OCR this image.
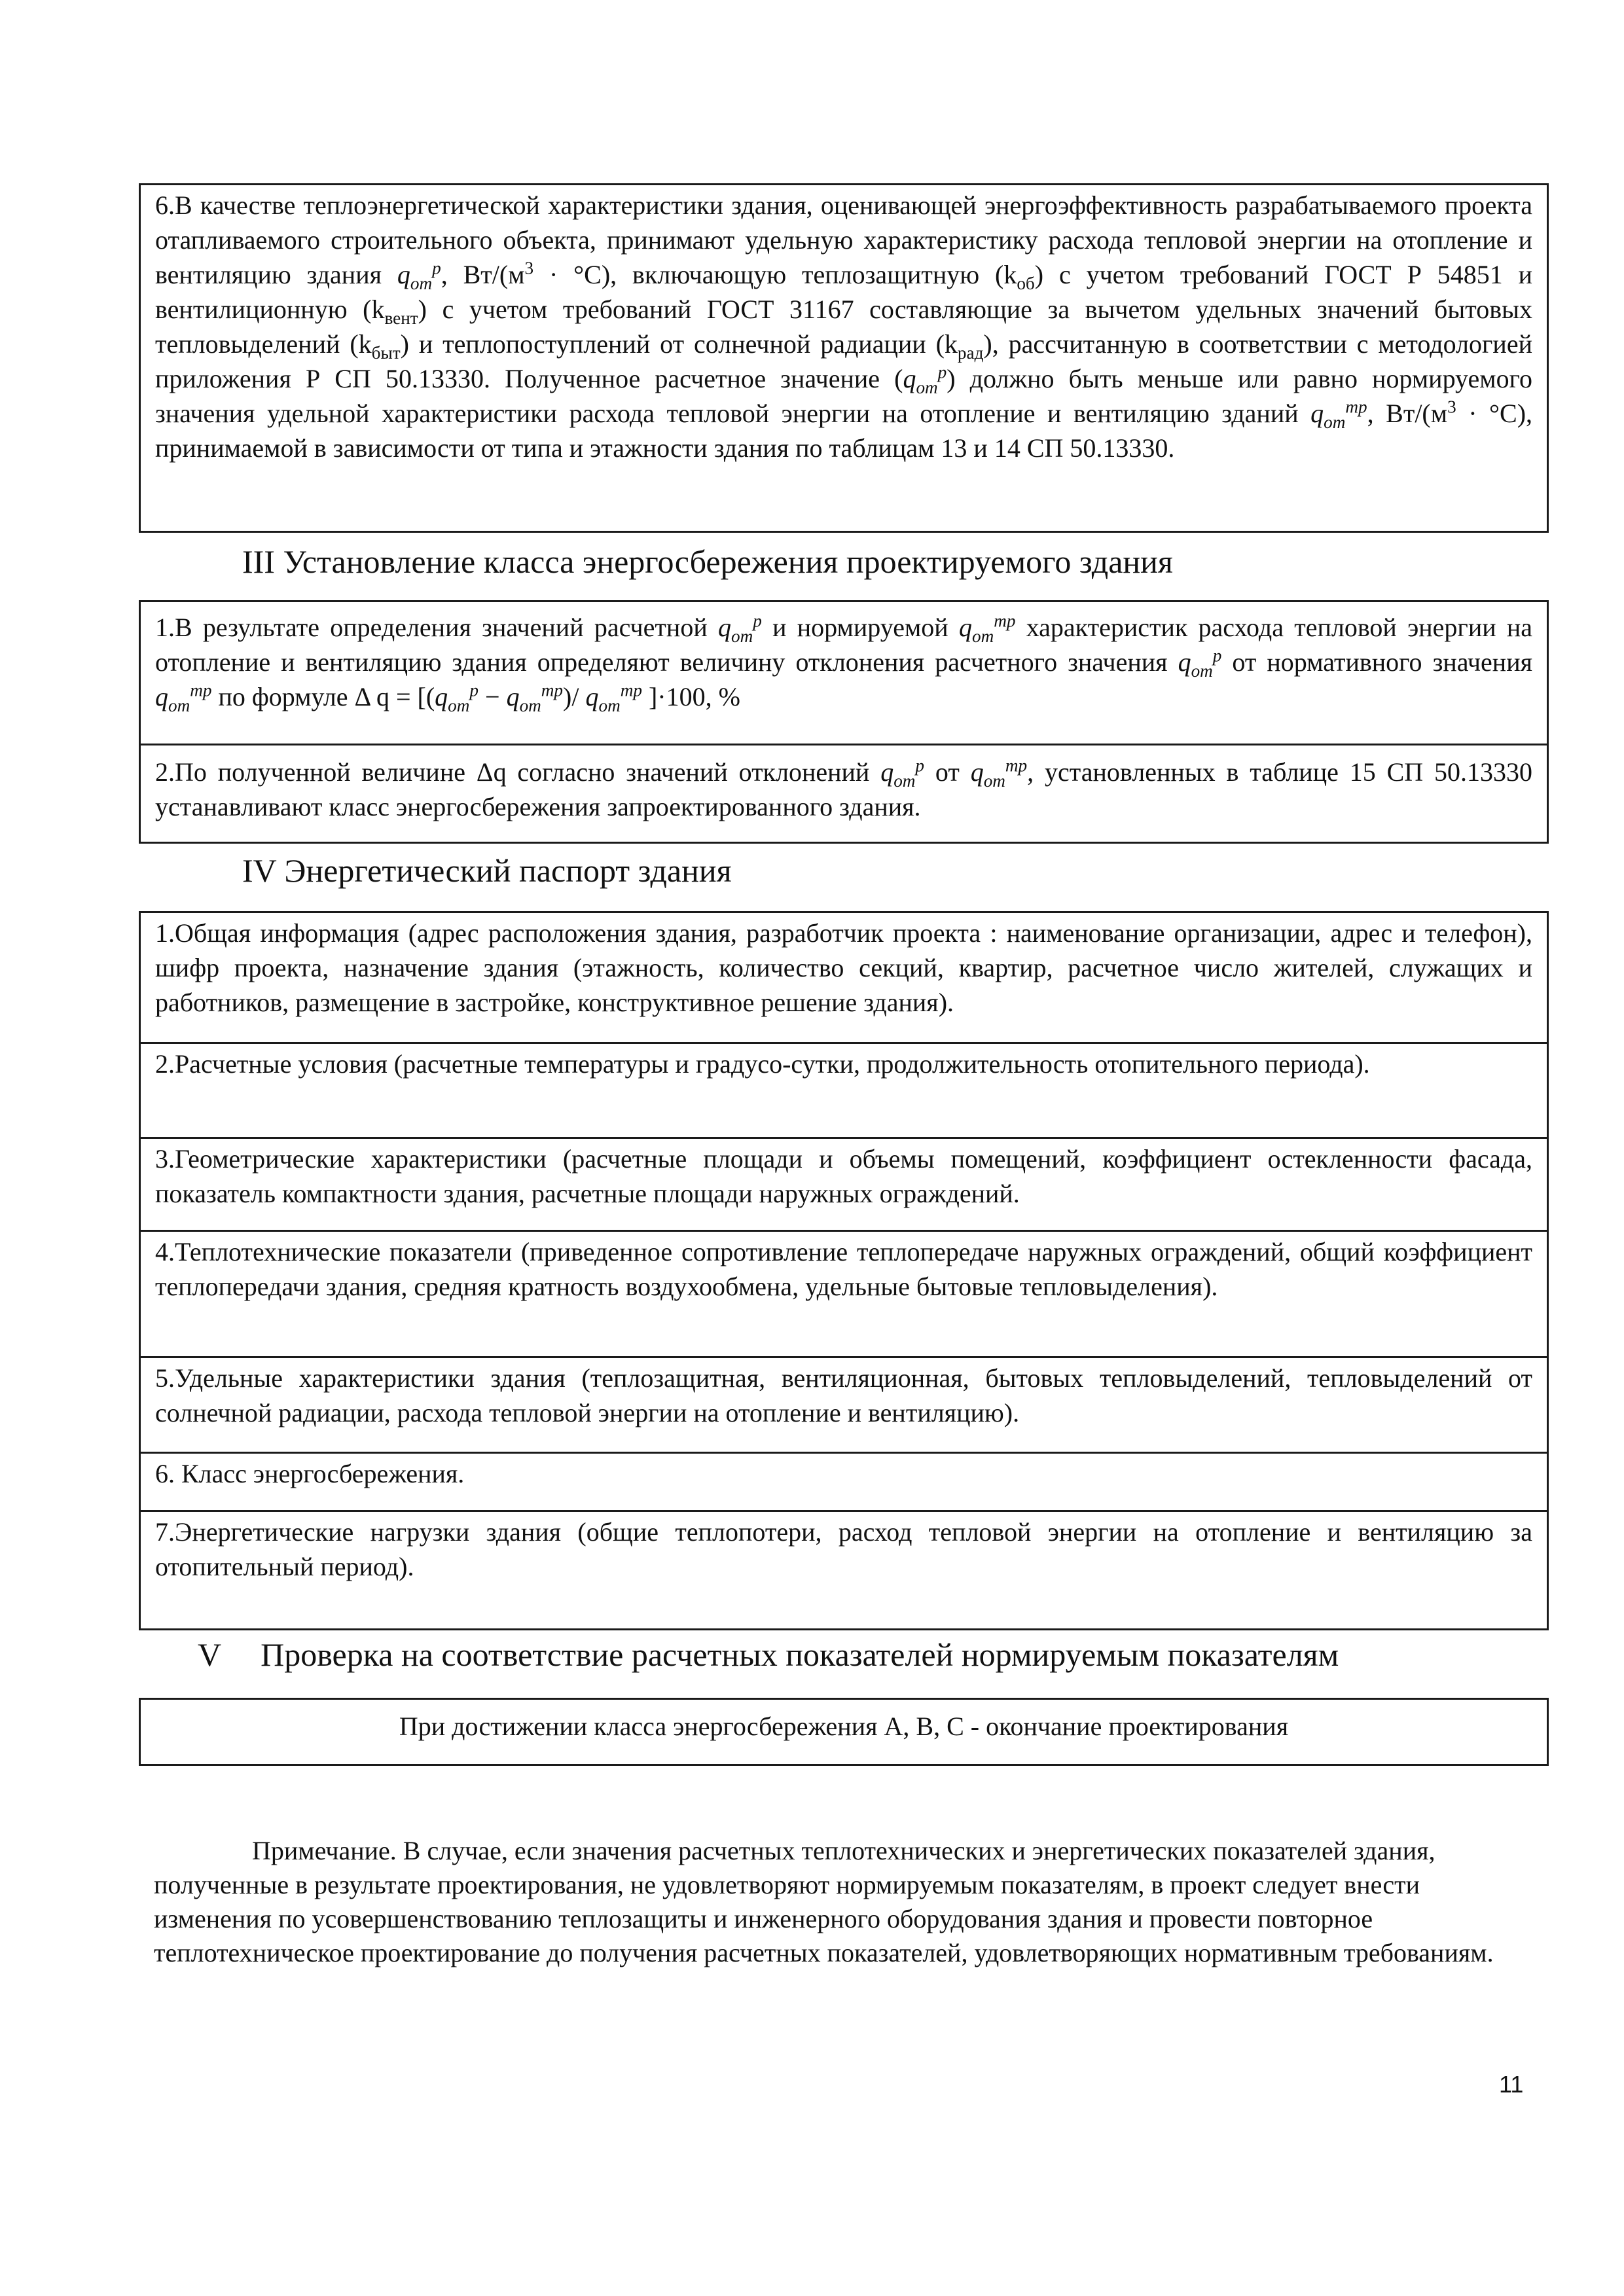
6.В качестве теплоэнергетической характеристики здания, оценивающей энергоэффективность разрабатываемого проекта отапливаемого строительного объекта, принимают удельную характеристику расхода тепловой энергии на отопление и вентиляцию здания $q_{от}^р$, $Вт/(м^3 \cdot ^\circ С)$, включающую теплозащитную $(k_{об})$ с учетом требований ГОСТ Р 54851 и вентилиционную $(k_{вент})$ с учетом требований ГОСТ 31167 составляющие за вычетом удельных значений бытовых тепловыделений $(k_{быт})$ и теплопоступлений от солнечной радиации $(k_{рад})$, рассчитанную в соответствии с методологией приложения Р СП 50.13330. Полученное расчетное значение $(q_{от}^р)$ должно быть меньше или равно нормируемого значения удельной характеристики расхода тепловой энергии на отопление и вентиляцию зданий $q_{от}^{тр}$, $Вт/(м^3 \cdot ^\circ С)$, принимаемой в зависимости от типа и этажности здания по таблицам 13 и 14 СП 50.13330.
III Установление класса энергосбережения проектируемого здания
1.В результате определения значений расчетной $q_{от}^р$ и нормируемой $q_{от}^{тр}$ характеристик расхода тепловой энергии на отопление и вентиляцию здания определяют величину отклонения расчетного значения $q_{от}^р$ от нормативного значения $q_{от}^{тр}$ по формуле Δ $q = [(q_{от}^р - q_{от}^{тр})/$ $q_{от}^{тр}$ ]·100, %
2.По полученной величине Δq согласно значений отклонений $q_{от}^р$ от $q_{от}^{тр}$, установленных в таблице 15 СП 50.13330 устанавливают класс энергосбережения запроектированного здания.
IV Энергетический паспорт здания
1.Общая информация (адрес расположения здания, разработчик проекта : наименование организации, адрес и телефон), шифр проекта, назначение здания (этажность, количество секций, квартир, расчетное число жителей, служащих и работников, размещение в застройке, конструктивное решение здания).
2.Расчетные условия (расчетные температуры и градусо-сутки, продолжительность отопительного периода).
3.Геометрические характеристики (расчетные площади и объемы помещений, коэффициент остекленности фасада, показатель компактности здания, расчетные площади наружных ограждений.
4.Теплотехнические показатели (приведенное сопротивление теплопередаче наружных ограждений, общий коэффициент теплопередачи здания, средняя кратность воздухообмена, удельные бытовые тепловыделения).
5.Удельные характеристики здания (теплозащитная, вентиляционная, бытовых тепловыделений, тепловыделений от солнечной радиации, расхода тепловой энергии на отопление и вентиляцию).
6. Класс энергосбережения.
7.Энергетические нагрузки здания (общие теплопотери, расход тепловой энергии на отопление и вентиляцию за отопительный период).
V Проверка на соответствие расчетных показателей нормируемым показателям
При достижении класса энергосбережения А, В, С - окончание проектирования

Примечание. В случае, если значения расчетных теплотехнических и энергетических показателей здания, полученные в результате проектирования, не удовлетворяют нормируемым показателям, в проект следует внести изменения по усовершенствованию теплозащиты и инженерного оборудования здания и провести повторное теплотехническое проектирование до получения расчетных показателей, удовлетворяющих нормативным требованиям.

11
